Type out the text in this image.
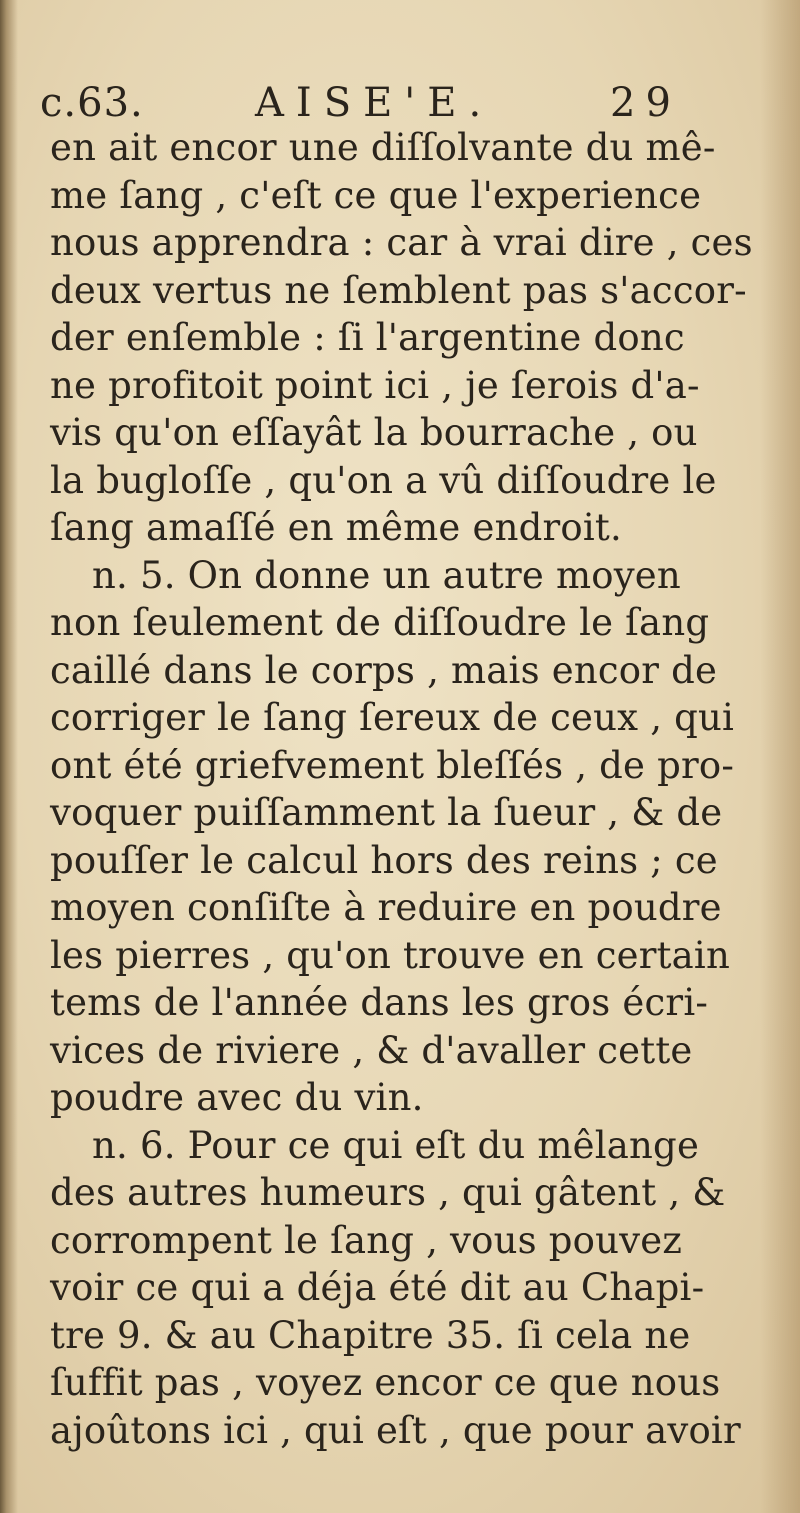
c.63.	AISE'E.	29
en ait encor une diſſolvante du mê-
me ſang , c'eſt ce que l'experience
nous apprendra : car à vrai dire , ces
deux vertus ne ſemblent pas s'accor-
der enſemble : ſi l'argentine donc
ne profitoit point ici , je ſerois d'a-
vis qu'on eſſayât la bourrache , ou
la bugloſſe , qu'on a vû diſſoudre le
ſang amaſſé en même endroit.
n. 5. On donne un autre moyen
non ſeulement de diſſoudre le ſang
caillé dans le corps , mais encor de
corriger le ſang ſereux de ceux , qui
ont été griefvement bleſſés , de pro-
voquer puiſſamment la ſueur , & de
pouſſer le calcul hors des reins ; ce
moyen conſiſte à reduire en poudre
les pierres , qu'on trouve en certain
tems de l'année dans les gros écri-
vices de riviere , & d'avaller cette
poudre avec du vin.
n. 6. Pour ce qui eſt du mêlange
des autres humeurs , qui gâtent , &
corrompent le ſang , vous pouvez
voir ce qui a déja été dit au Chapi-
tre 9. & au Chapitre 35. ſi cela ne
ſuffit pas , voyez encor ce que nous
ajoûtons ici , qui eſt , que pour avoir
